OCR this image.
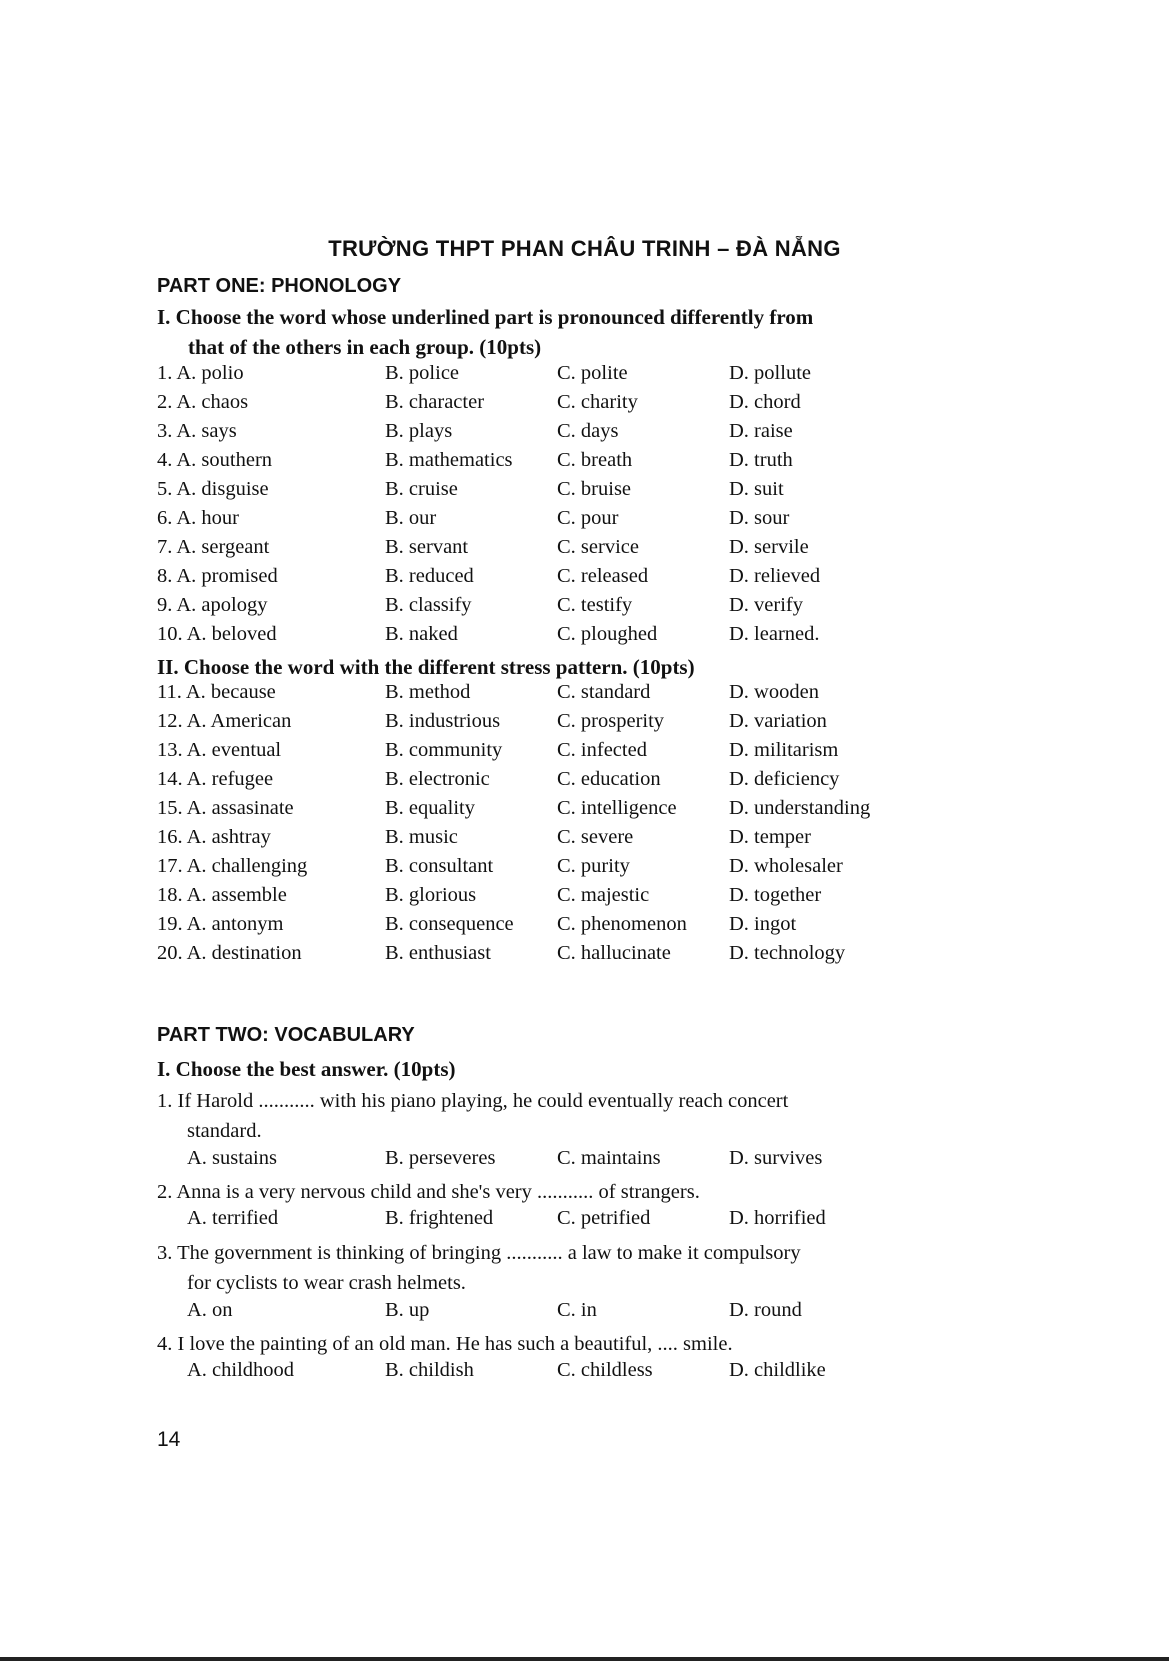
TRƯỜNG THPT PHAN CHÂU TRINH – ĐÀ NẴNG
PART ONE: PHONOLOGY
I. Choose the word whose underlined part is pronounced differently from
that of the others in each group. (10pts)
1. A. polio	B. police	C. polite	D. pollute
2. A. chaos	B. character	C. charity	D. chord
3. A. says	B. plays	C. days	D. raise
4. A. southern	B. mathematics C. breath	D. truth
5. A. disguise	B. cruise	C. bruise	D. suit
6. A. hour	B. our	C. pour	D. sour
7. A. sergeant	B. servant	C. service	D. servile
8. A. promised	B. reduced	C. released	D. relieved
9. A. apology	B. classify	C. testify	D. verify
10. A. beloved	B. naked	C. ploughed	D. learned.
II. Choose the word with the different stress pattern. (10pts)
11. A. because	B. method	C. standard	D. wooden
12. A. American	B. industrious	C. prosperity	D. variation
13. A. eventual	B. community	C. infected	D. militarism
14. A. refugee	B. electronic	C. education	D. deficiency
15. A. assasinate	B. equality	C. intelligence	D. understanding
16. A. ashtray	B. music	C. severe	D. temper
17. A. challenging	B. consultant	C. purity	D. wholesaler
18. A. assemble	B. glorious	C. majestic	D. together
19. A. antonym	B. consequence C. phenomenon D. ingot
20. A. destination	B. enthusiast	C. hallucinate	D. technology
PART TWO: VOCABULARY
I. Choose the best answer. (10pts)
1. If Harold ........... with his piano playing, he could eventually reach concert
standard.
A. sustains	B. perseveres	C. maintains	D. survives
2. Anna is a very nervous child and she's very ........... of strangers.
A. terrified	B. frightened	C. petrified	D. horrified
3. The government is thinking of bringing ........... a law to make it compulsory
for cyclists to wear crash helmets.
A. on	B. up	C. in	D. round
4. I love the painting of an old man. He has such a beautiful, .... smile.
A. childhood	B. childish	C. childless	D. childlike
14
